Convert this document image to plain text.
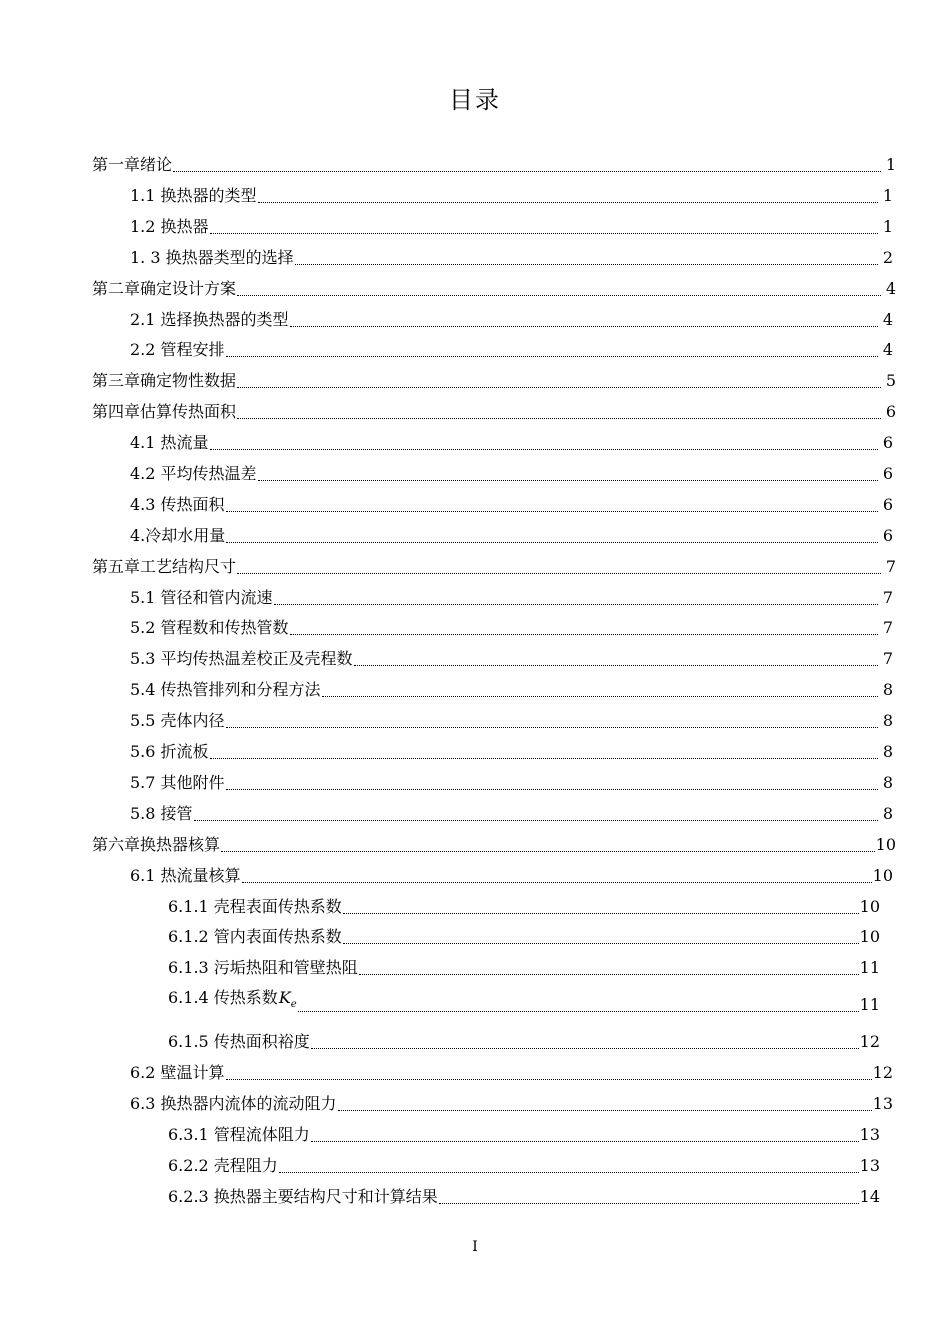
目录
第一章绪论	1
1.1 换热器的类型	1
1.2 换热器	1
1. 3 换热器类型的选择	2
第二章确定设计方案	4
2.1 选择换热器的类型	4
2.2 管程安排	4
第三章确定物性数据	5
第四章估算传热面积	6
4.1 热流量	6
4.2 平均传热温差	6
4.3 传热面积	6
4.冷却水用量	6
第五章工艺结构尺寸	7
5.1 管径和管内流速	7
5.2 管程数和传热管数	7
5.3 平均传热温差校正及壳程数	7
5.4 传热管排列和分程方法	8
5.5 壳体内径	8
5.6 折流板	8
5.7 其他附件	8
5.8 接管	8
第六章换热器核算	10
6.1 热流量核算	10
6.1.1 壳程表面传热系数	10
6.1.2 管内表面传热系数	10
6.1.3 污垢热阻和管壁热阻	11
6.1.4 传热系数$K_e$	11
6.1.5 传热面积裕度	12
6.2 壁温计算	12
6.3 换热器内流体的流动阻力	13
6.3.1 管程流体阻力	13
6.2.2 壳程阻力	13
6.2.3 换热器主要结构尺寸和计算结果	14
I
